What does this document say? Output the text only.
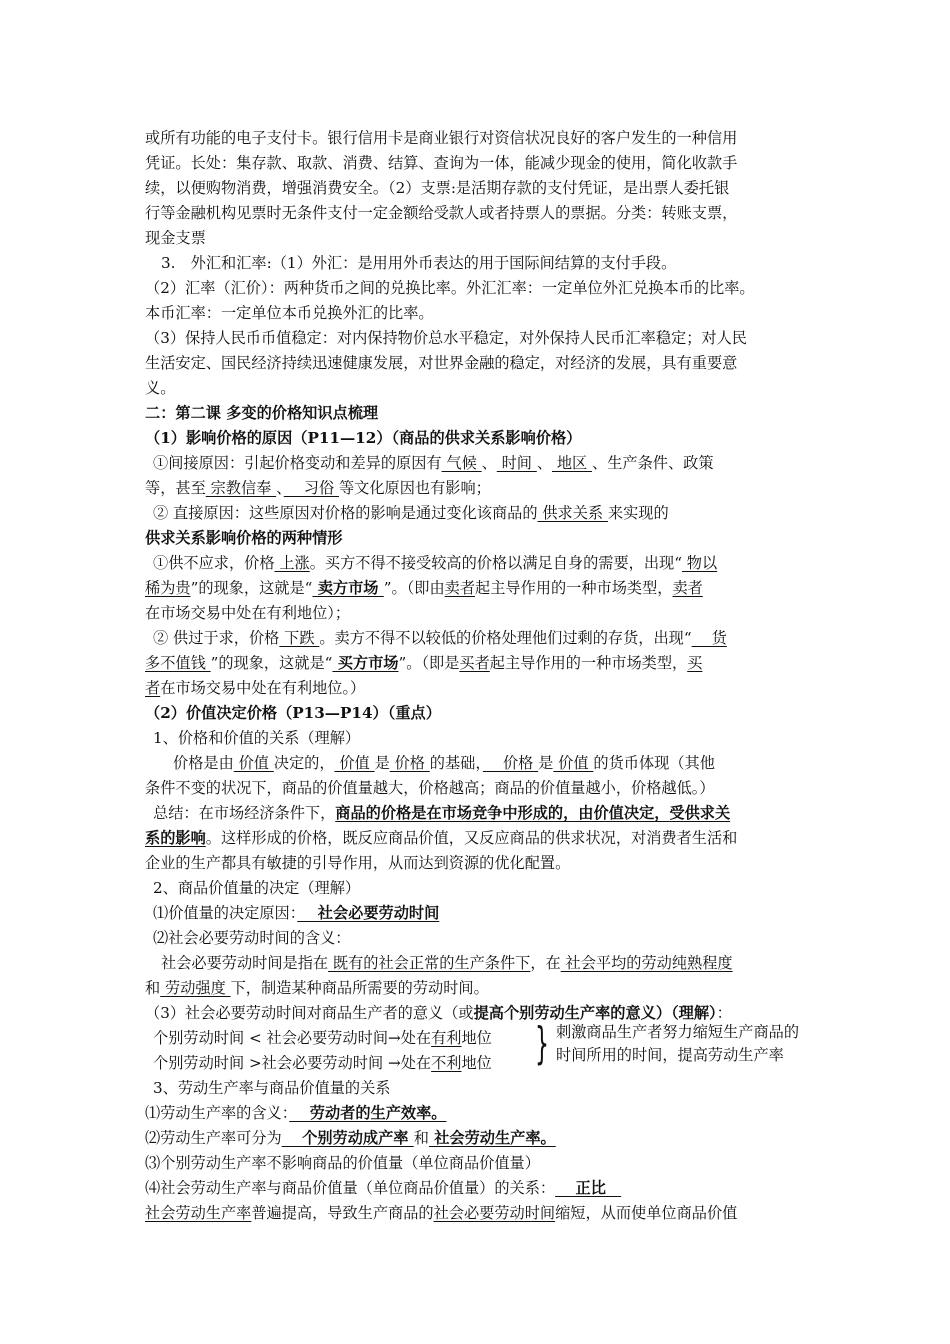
或所有功能的电子支付卡。银行信用卡是商业银行对资信状况良好的客户发生的一种信用
凭证。长处：集存款、取款、消费、结算、查询为一体，能减少现金的使用，简化收款手
续，以便购物消费，增强消费安全。（2）支票:是活期存款的支付凭证，是出票人委托银
行等金融机构见票时无条件支付一定金额给受款人或者持票人的票据。分类：转账支票，
现金支票
3.　外汇和汇率:（1）外汇：是用用外币表达的用于国际间结算的支付手段。
（2）汇率（汇价）：两种货币之间的兑换比率。外汇汇率：一定单位外汇兑换本币的比率。
本币汇率：一定单位本币兑换外汇的比率。
（3）保持人民币币值稳定：对内保持物价总水平稳定，对外保持人民币汇率稳定；对人民
生活安定、国民经济持续迅速健康发展，对世界金融的稳定，对经济的发展，具有重要意
义。
二：第二课 多变的价格知识点梳理
（1）影响价格的原因（P11—12）（商品的供求关系影响价格）
①间接原因：引起价格变动和差异的原因有 气候 、 时间 、 地区 、生产条件、政策
等，甚至 宗教信奉 、　 习俗 等文化原因也有影响；
② 直接原因：这些原因对价格的影响是通过变化该商品的 供求关系 来实现的
供求关系影响价格的两种情形
①供不应求，价格 上涨。买方不得不接受较高的价格以满足自身的需要，出现“ 物以
稀为贵”的现象，这就是“ 卖方市场 ”。（即由卖者起主导作用的一种市场类型，卖者
在市场交易中处在有利地位）；
② 供过于求，价格 下跌 。卖方不得不以较低的价格处理他们过剩的存货，出现“　 货
多不值钱 ”的现象，这就是“ 买方市场”。（即是买者起主导作用的一种市场类型，买
者在市场交易中处在有利地位。）
（2）价值决定价格（P13—P14）（重点）
1、价格和价值的关系（理解）
价格是由 价值 决定的， 价值 是 价格 的基础，　 价格 是 价值 的货币体现（其他
条件不变的状况下，商品的价值量越大，价格越高；商品的价值量越小，价格越低。）
总结：在市场经济条件下，商品的价格是在市场竞争中形成的，由价值决定，受供求关
系的影响。这样形成的价格，既反应商品价值，又反应商品的供求状况，对消费者生活和
企业的生产都具有敏捷的引导作用，从而达到资源的优化配置。
2、商品价值量的决定（理解）
⑴价值量的决定原因：　 社会必要劳动时间
⑵社会必要劳动时间的含义：
社会必要劳动时间是指在 既有的社会正常的生产条件下，在 社会平均的劳动纯熟程度
和 劳动强度 下，制造某种商品所需要的劳动时间。
（3）社会必要劳动时间对商品生产者的意义（或提高个别劳动生产率的意义）（理解）：
个别劳动时间 < 社会必要劳动时间→处在有利地位
个别劳动时间 >社会必要劳动时间 →处在不利地位
3、劳动生产率与商品价值量的关系
⑴劳动生产率的含义：　 劳动者的生产效率。
⑵劳动生产率可分为 　个别劳动成产率 和 社会劳动生产率。
⑶个别劳动生产率不影响商品的价值量（单位商品价值量）
⑷社会劳动生产率与商品价值量（单位商品价值量）的关系： 　正比　
社会劳动生产率普遍提高，导致生产商品的社会必要劳动时间缩短，从而使单位商品价值
} 刺激商品生产者努力缩短生产商品的
时间所用的时间，提高劳动生产率
